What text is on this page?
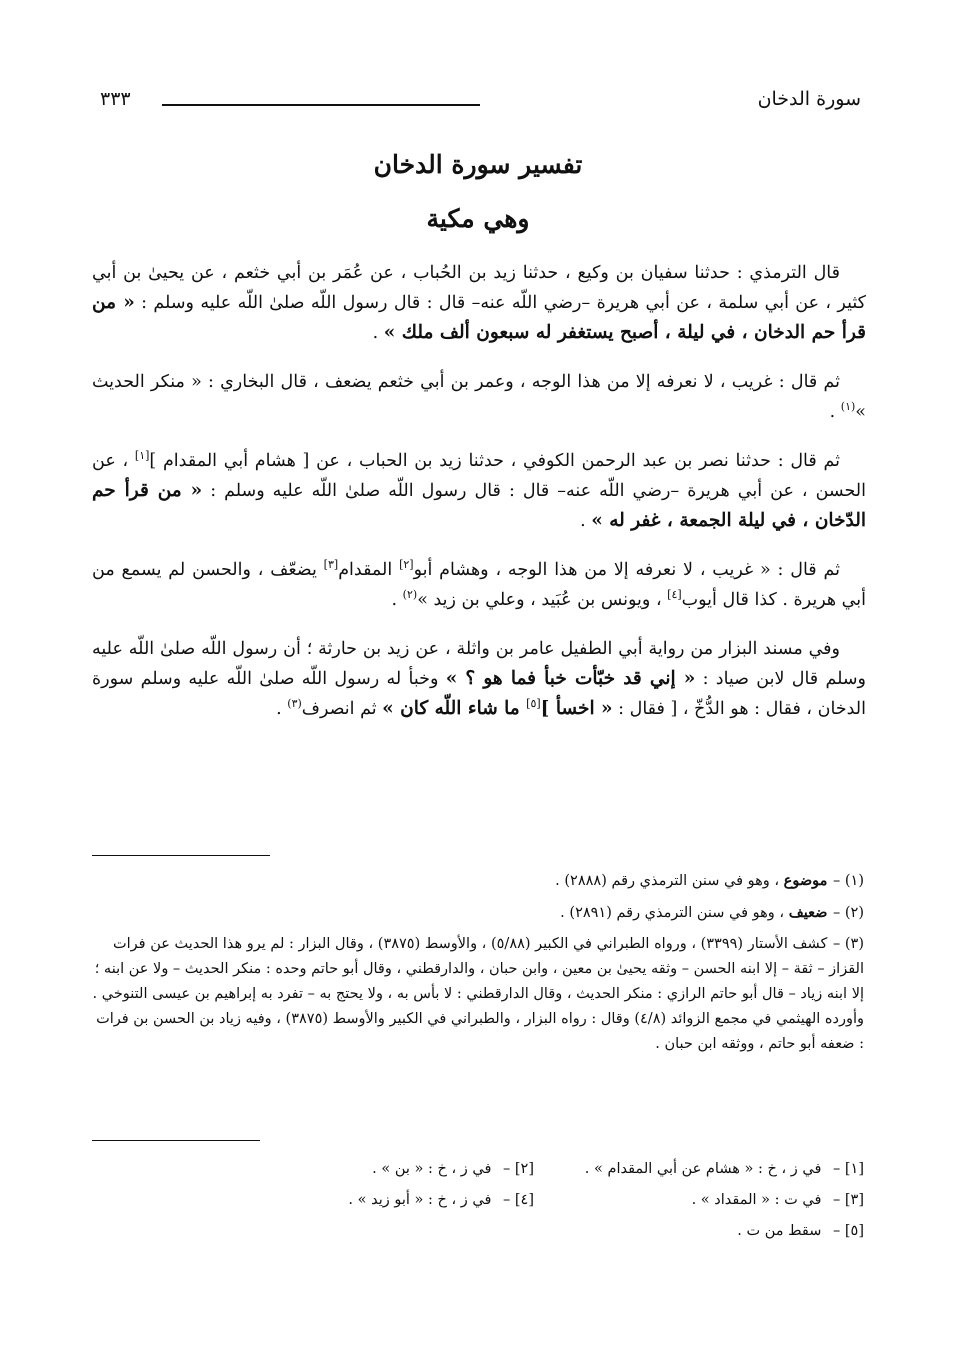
سورة الدخان
٣٣٣
تفسير سورة الدخان
وهي مكية

قال الترمذي : حدثنا سفيان بن وكيع ، حدثنا زيد بن الحُباب ، عن عُمَر بن أبي خثعم ، عن يحيىٰ بن أبي كثير ، عن أبي سلمة ، عن أبي هريرة –رضي اللّه عنه– قال : قال رسول اللّه صلىٰ اللّه عليه وسلم : « من قرأ حم الدخان ، في ليلة ، أصبح يستغفر له سبعون ألف ملك » .

ثم قال : غريب ، لا نعرفه إلا من هذا الوجه ، وعمر بن أبي خثعم يضعف ، قال البخاري : « منكر الحديث »$^{(١)}$ .

ثم قال : حدثنا نصر بن عبد الرحمن الكوفي ، حدثنا زيد بن الحباب ، عن [ هشام أبي المقدام ][١] ، عن الحسن ، عن أبي هريرة –رضي اللّه عنه– قال : قال رسول اللّه صلىٰ اللّه عليه وسلم : « من قرأ حم الدّخان ، في ليلة الجمعة ، غفر له » .

ثم قال : « غريب ، لا نعرفه إلا من هذا الوجه ، وهشام أبو[٢] المقدام[٣] يضعّف ، والحسن لم يسمع من أبي هريرة . كذا قال أيوب[٤] ، ويونس بن عُبَيد ، وعلي بن زيد »$^{(٢)}$ .

وفي مسند البزار من رواية أبي الطفيل عامر بن واثلة ، عن زيد بن حارثة ؛ أن رسول اللّه صلىٰ اللّه عليه وسلم قال لابن صياد : « إني قد خبّأت خبأ فما هو ؟ » وخبأ له رسول اللّه صلىٰ اللّه عليه وسلم سورة الدخان ، فقال : هو الدُّخّ ، [ فقال : « اخسأ ][٥] ما شاء اللّه كان » ثم انصرف$^{(٣)}$ .

(١) – موضوع ، وهو في سنن الترمذي رقم (٢٨٨٨) .
(٢) – ضعيف ، وهو في سنن الترمذي رقم (٢٨٩١) .
(٣) – كشف الأستار (٣٣٩٩) ، ورواه الطبراني في الكبير (٥/٨٨) ، والأوسط (٣٨٧٥) ، وقال البزار : لم يرو هذا الحديث عن فرات القزاز – ثقة – إلا ابنه الحسن – وثقه يحيىٰ بن معين ، وابن حبان ، والدارقطني ، وقال أبو حاتم وحده : منكر الحديث – ولا عن ابنه ؛ إلا ابنه زياد – قال أبو حاتم الرازي : منكر الحديث ، وقال الدارقطني : لا بأس به ، ولا يحتج به – تفرد به إبراهيم بن عيسى التنوخي . وأورده الهيثمي في مجمع الزوائد (٤/٨) وقال : رواه البزار ، والطبراني في الكبير والأوسط (٣٨٧٥) ، وفيه زياد بن الحسن بن فرات : ضعفه أبو حاتم ، ووثقه ابن حبان .
[١] – في ز ، خ : « هشام عن أبي المقدام » .
[٢] – في ز ، خ : « بن » .
[٣] – في ت : « المقداد » .
[٤] – في ز ، خ : « أبو زيد » .
[٥] – سقط من ت .
